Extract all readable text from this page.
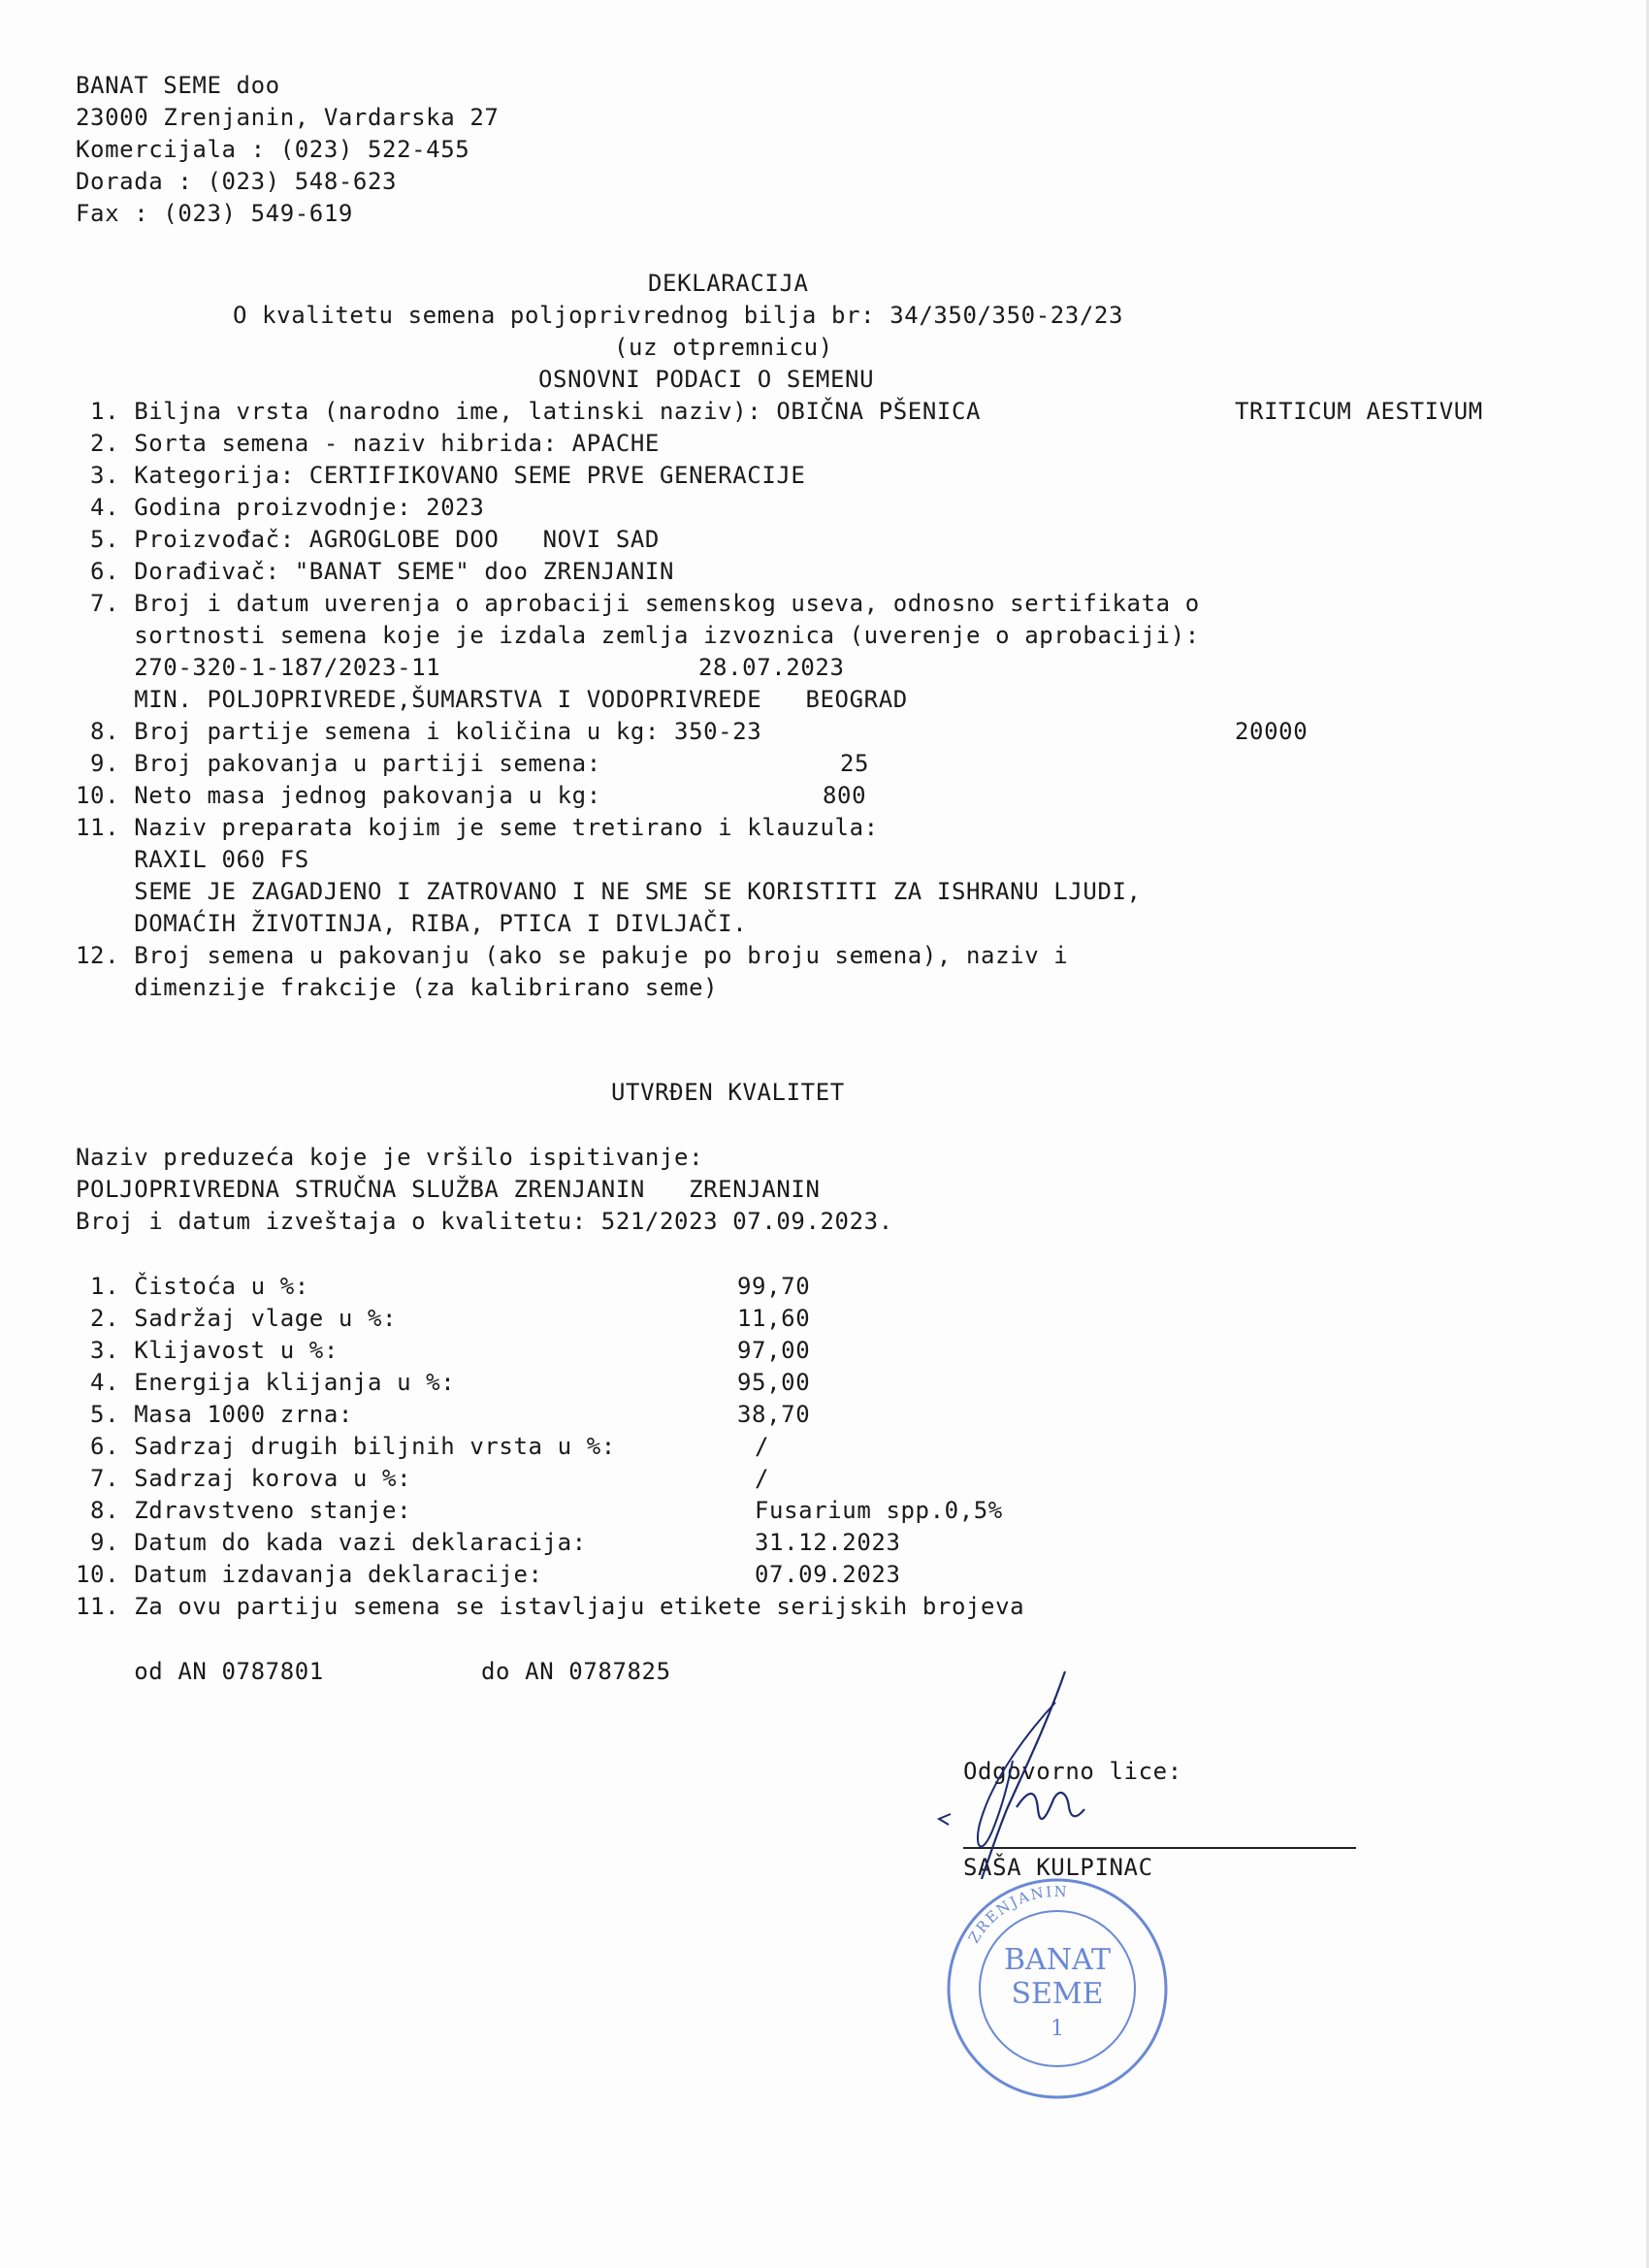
BANAT SEME doo
23000 Zrenjanin, Vardarska 27
Komercijala : (023) 522-455
Dorada : (023) 548-623
Fax : (023) 549-619
DEKLARACIJA
O kvalitetu semena poljoprivrednog bilja br: 34/350/350-23/23
(uz otpremnicu)
OSNOVNI PODACI O SEMENU
1. Biljna vrsta (narodno ime, latinski naziv): OBIČNA PŠENICA	TRITICUM AESTIVUM
2. Sorta semena - naziv hibrida: APACHE
3. Kategorija: CERTIFIKOVANO SEME PRVE GENERACIJE
4. Godina proizvodnje: 2023
5. Proizvođač: AGROGLOBE DOO   NOVI SAD
6. Dorađivač: "BANAT SEME" doo ZRENJANIN
7. Broj i datum uverenja o aprobaciji semenskog useva, odnosno sertifikata o
sortnosti semena koje je izdala zemlja izvoznica (uverenje o aprobaciji):
270-320-1-187/2023-11	28.07.2023
MIN. POLJOPRIVREDE,ŠUMARSTVA I VODOPRIVREDE   BEOGRAD
8. Broj partije semena i količina u kg: 350-23	20000
9. Broj pakovanja u partiji semena:	25
10. Neto masa jednog pakovanja u kg:	800
11. Naziv preparata kojim je seme tretirano i klauzula:
RAXIL 060 FS
SEME JE ZAGADJENO I ZATROVANO I NE SME SE KORISTITI ZA ISHRANU LJUDI,
DOMAĆIH ŽIVOTINJA, RIBA, PTICA I DIVLJAČI.
12. Broj semena u pakovanju (ako se pakuje po broju semena), naziv i
dimenzije frakcije (za kalibrirano seme)
UTVRĐEN KVALITET
Naziv preduzeća koje je vršilo ispitivanje:
POLJOPRIVREDNA STRUČNA SLUŽBA ZRENJANIN   ZRENJANIN
Broj i datum izveštaja o kvalitetu: 521/2023 07.09.2023.
1. Čistoća u %:	99,70
2. Sadržaj vlage u %:	11,60
3. Klijavost u %:	97,00
4. Energija klijanja u %:	95,00
5. Masa 1000 zrna:	38,70
6. Sadrzaj drugih biljnih vrsta u %:	/
7. Sadrzaj korova u %:	/
8. Zdravstveno stanje:	Fusarium spp.0,5%
9. Datum do kada vazi deklaracija:	31.12.2023
10. Datum izdavanja deklaracije:	07.09.2023
11. Za ovu partiju semena se istavljaju etikete serijskih brojeva
od AN 0787801	do AN 0787825
Odgovorno lice:
SAŠA KULPINAC
ZRENJANIN
BANAT
SEME
1
